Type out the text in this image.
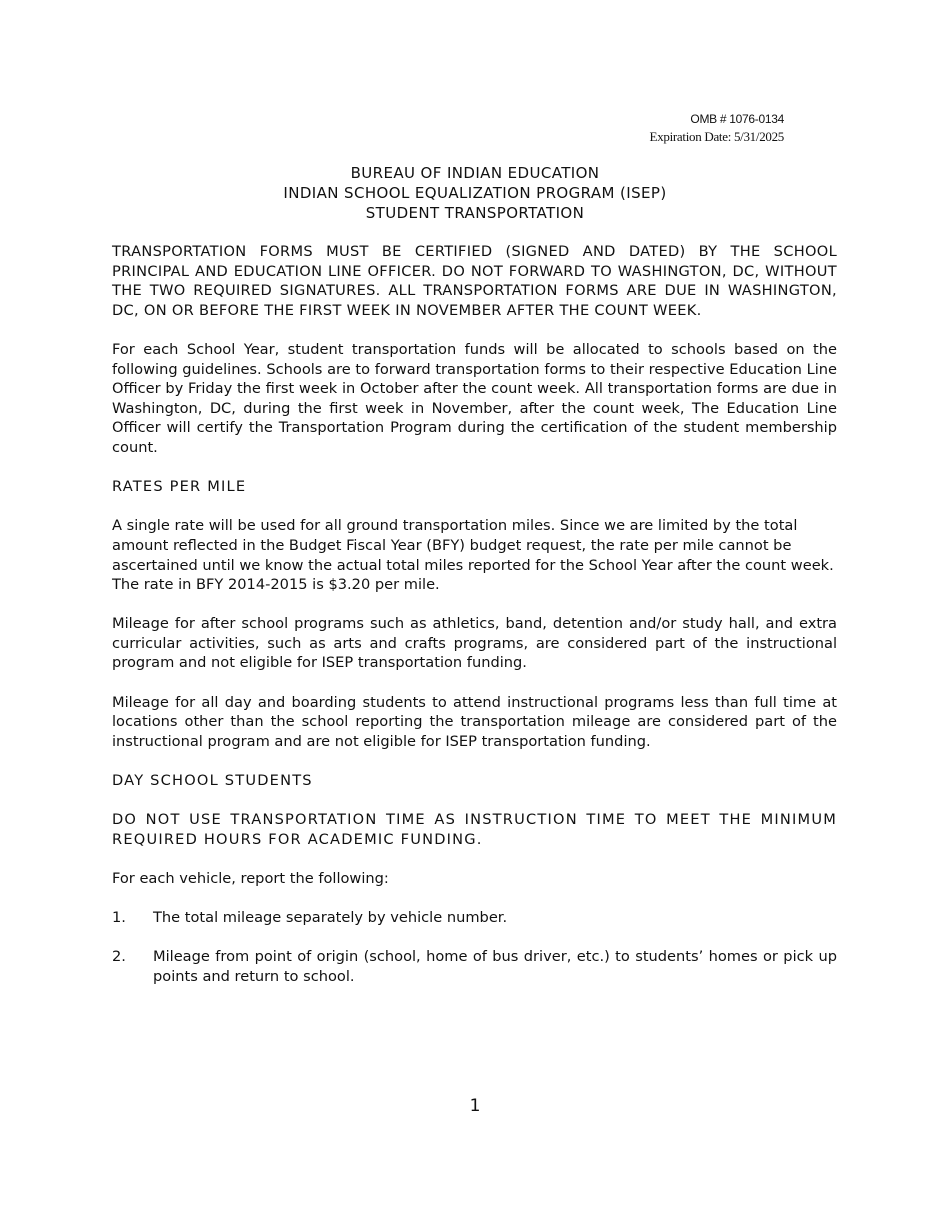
OMB # 1076-0134
Expiration Date: 5/31/2025
BUREAU OF INDIAN EDUCATION
INDIAN SCHOOL EQUALIZATION PROGRAM (ISEP)
STUDENT TRANSPORTATION

TRANSPORTATION FORMS MUST BE CERTIFIED (SIGNED AND DATED) BY THE SCHOOL PRINCIPAL AND EDUCATION LINE OFFICER. DO NOT FORWARD TO WASHINGTON, DC, WITHOUT THE TWO REQUIRED SIGNATURES. ALL TRANSPORTATION FORMS ARE DUE IN WASHINGTON, DC, ON OR BEFORE THE FIRST WEEK IN NOVEMBER AFTER THE COUNT WEEK.

For each School Year, student transportation funds will be allocated to schools based on the following guidelines. Schools are to forward transportation forms to their respective Education Line Officer by Friday the first week in October after the count week. All transportation forms are due in Washington, DC, during the first week in November, after the count week, The Education Line Officer will certify the Transportation Program during the certification of the student membership count.

RATES PER MILE

A single rate will be used for all ground transportation miles. Since we are limited by the total amount reflected in the Budget Fiscal Year (BFY) budget request, the rate per mile cannot be ascertained until we know the actual total miles reported for the School Year after the count week. The rate in BFY 2014-2015 is $3.20 per mile.

Mileage for after school programs such as athletics, band, detention and/or study hall, and extra curricular activities, such as arts and crafts programs, are considered part of the instructional program and not eligible for ISEP transportation funding.

Mileage for all day and boarding students to attend instructional programs less than full time at locations other than the school reporting the transportation mileage are considered part of the instructional program and are not eligible for ISEP transportation funding.

DAY SCHOOL STUDENTS

DO NOT USE TRANSPORTATION TIME AS INSTRUCTION TIME TO MEET THE MINIMUM REQUIRED HOURS FOR ACADEMIC FUNDING.

For each vehicle, report the following:

1.	The total mileage separately by vehicle number.
2.	Mileage from point of origin (school, home of bus driver, etc.) to students’ homes or pick up points and return to school.
1
